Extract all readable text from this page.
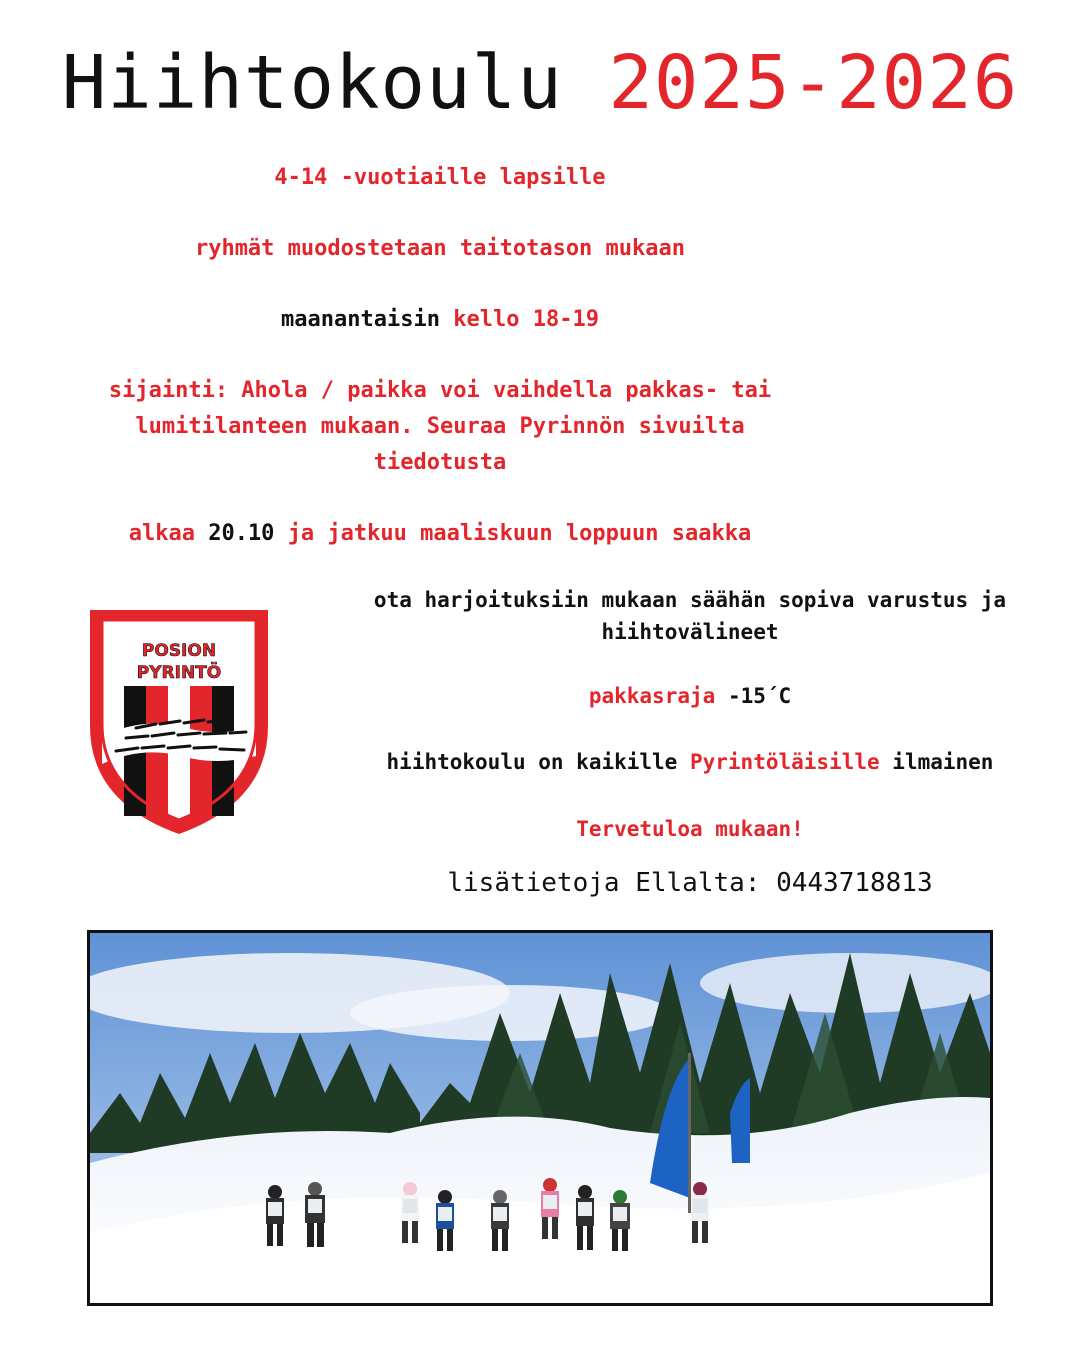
Hiihtokoulu 2025-2026
4-14 -vuotiaille lapsille
ryhmät muodostetaan taitotason mukaan
maanantaisin kello 18-19
sijainti: Ahola / paikka voi vaihdella pakkas- tai
lumitilanteen mukaan. Seuraa Pyrinnön sivuilta
tiedotusta
alkaa 20.10 ja jatkuu maaliskuun loppuun saakka
POSION
PYRINTÖ
ota harjoituksiin mukaan säähän sopiva varustus ja
hiihtovälineet
pakkasraja -15´C
hiihtokoulu on kaikille Pyrintöläisille ilmainen
Tervetuloa mukaan!
lisätietoja Ellalta: 0443718813
